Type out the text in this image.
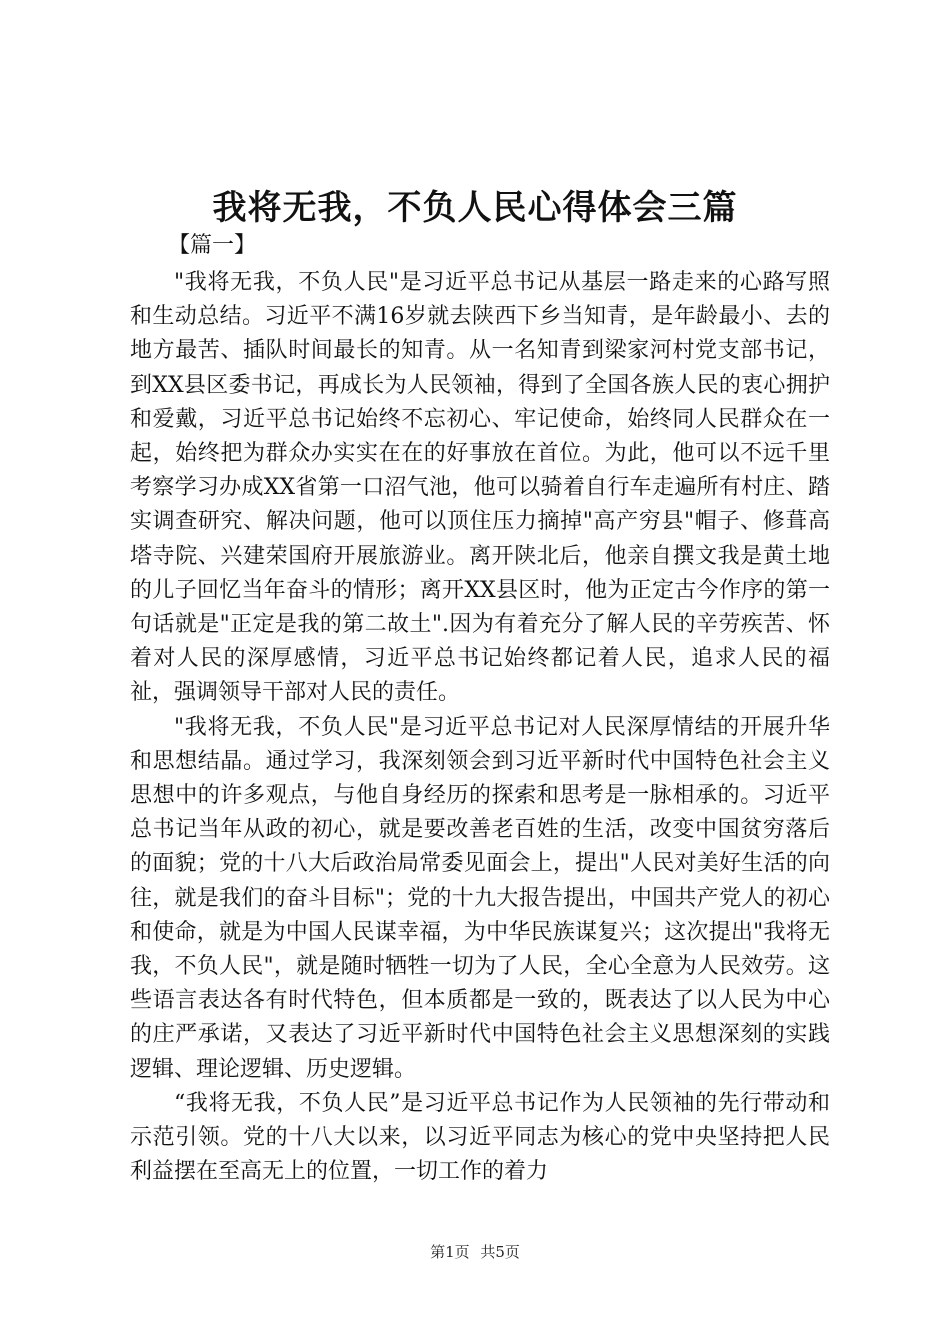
我将无我，不负人民心得体会三篇
【篇一】

"我将无我，不负人民"是习近平总书记从基层一路走来的心路写照和生动总结。习近平不满16岁就去陕西下乡当知青，是年龄最小、去的地方最苦、插队时间最长的知青。从一名知青到梁家河村党支部书记，到XX县区委书记，再成长为人民领袖，得到了全国各族人民的衷心拥护和爱戴，习近平总书记始终不忘初心、牢记使命，始终同人民群众在一起，始终把为群众办实实在在的好事放在首位。为此，他可以不远千里考察学习办成XX省第一口沼气池，他可以骑着自行车走遍所有村庄、踏实调查研究、解决问题，他可以顶住压力摘掉"高产穷县"帽子、修葺高塔寺院、兴建荣国府开展旅游业。离开陕北后，他亲自撰文我是黄土地的儿子回忆当年奋斗的情形；离开XX县区时，他为正定古今作序的第一句话就是"正定是我的第二故土".因为有着充分了解人民的辛劳疾苦、怀着对人民的深厚感情，习近平总书记始终都记着人民，追求人民的福祉，强调领导干部对人民的责任。

"我将无我，不负人民"是习近平总书记对人民深厚情结的开展升华和思想结晶。通过学习，我深刻领会到习近平新时代中国特色社会主义思想中的许多观点，与他自身经历的探索和思考是一脉相承的。习近平总书记当年从政的初心，就是要改善老百姓的生活，改变中国贫穷落后的面貌；党的十八大后政治局常委见面会上，提出"人民对美好生活的向往，就是我们的奋斗目标"；党的十九大报告提出，中国共产党人的初心和使命，就是为中国人民谋幸福，为中华民族谋复兴；这次提出"我将无我，不负人民"，就是随时牺牲一切为了人民，全心全意为人民效劳。这些语言表达各有时代特色，但本质都是一致的，既表达了以人民为中心的庄严承诺，又表达了习近平新时代中国特色社会主义思想深刻的实践逻辑、理论逻辑、历史逻辑。

“我将无我，不负人民”是习近平总书记作为人民领袖的先行带动和示范引领。党的十八大以来，以习近平同志为核心的党中央坚持把人民利益摆在至高无上的位置，一切工作的着力

第1页 共5页
